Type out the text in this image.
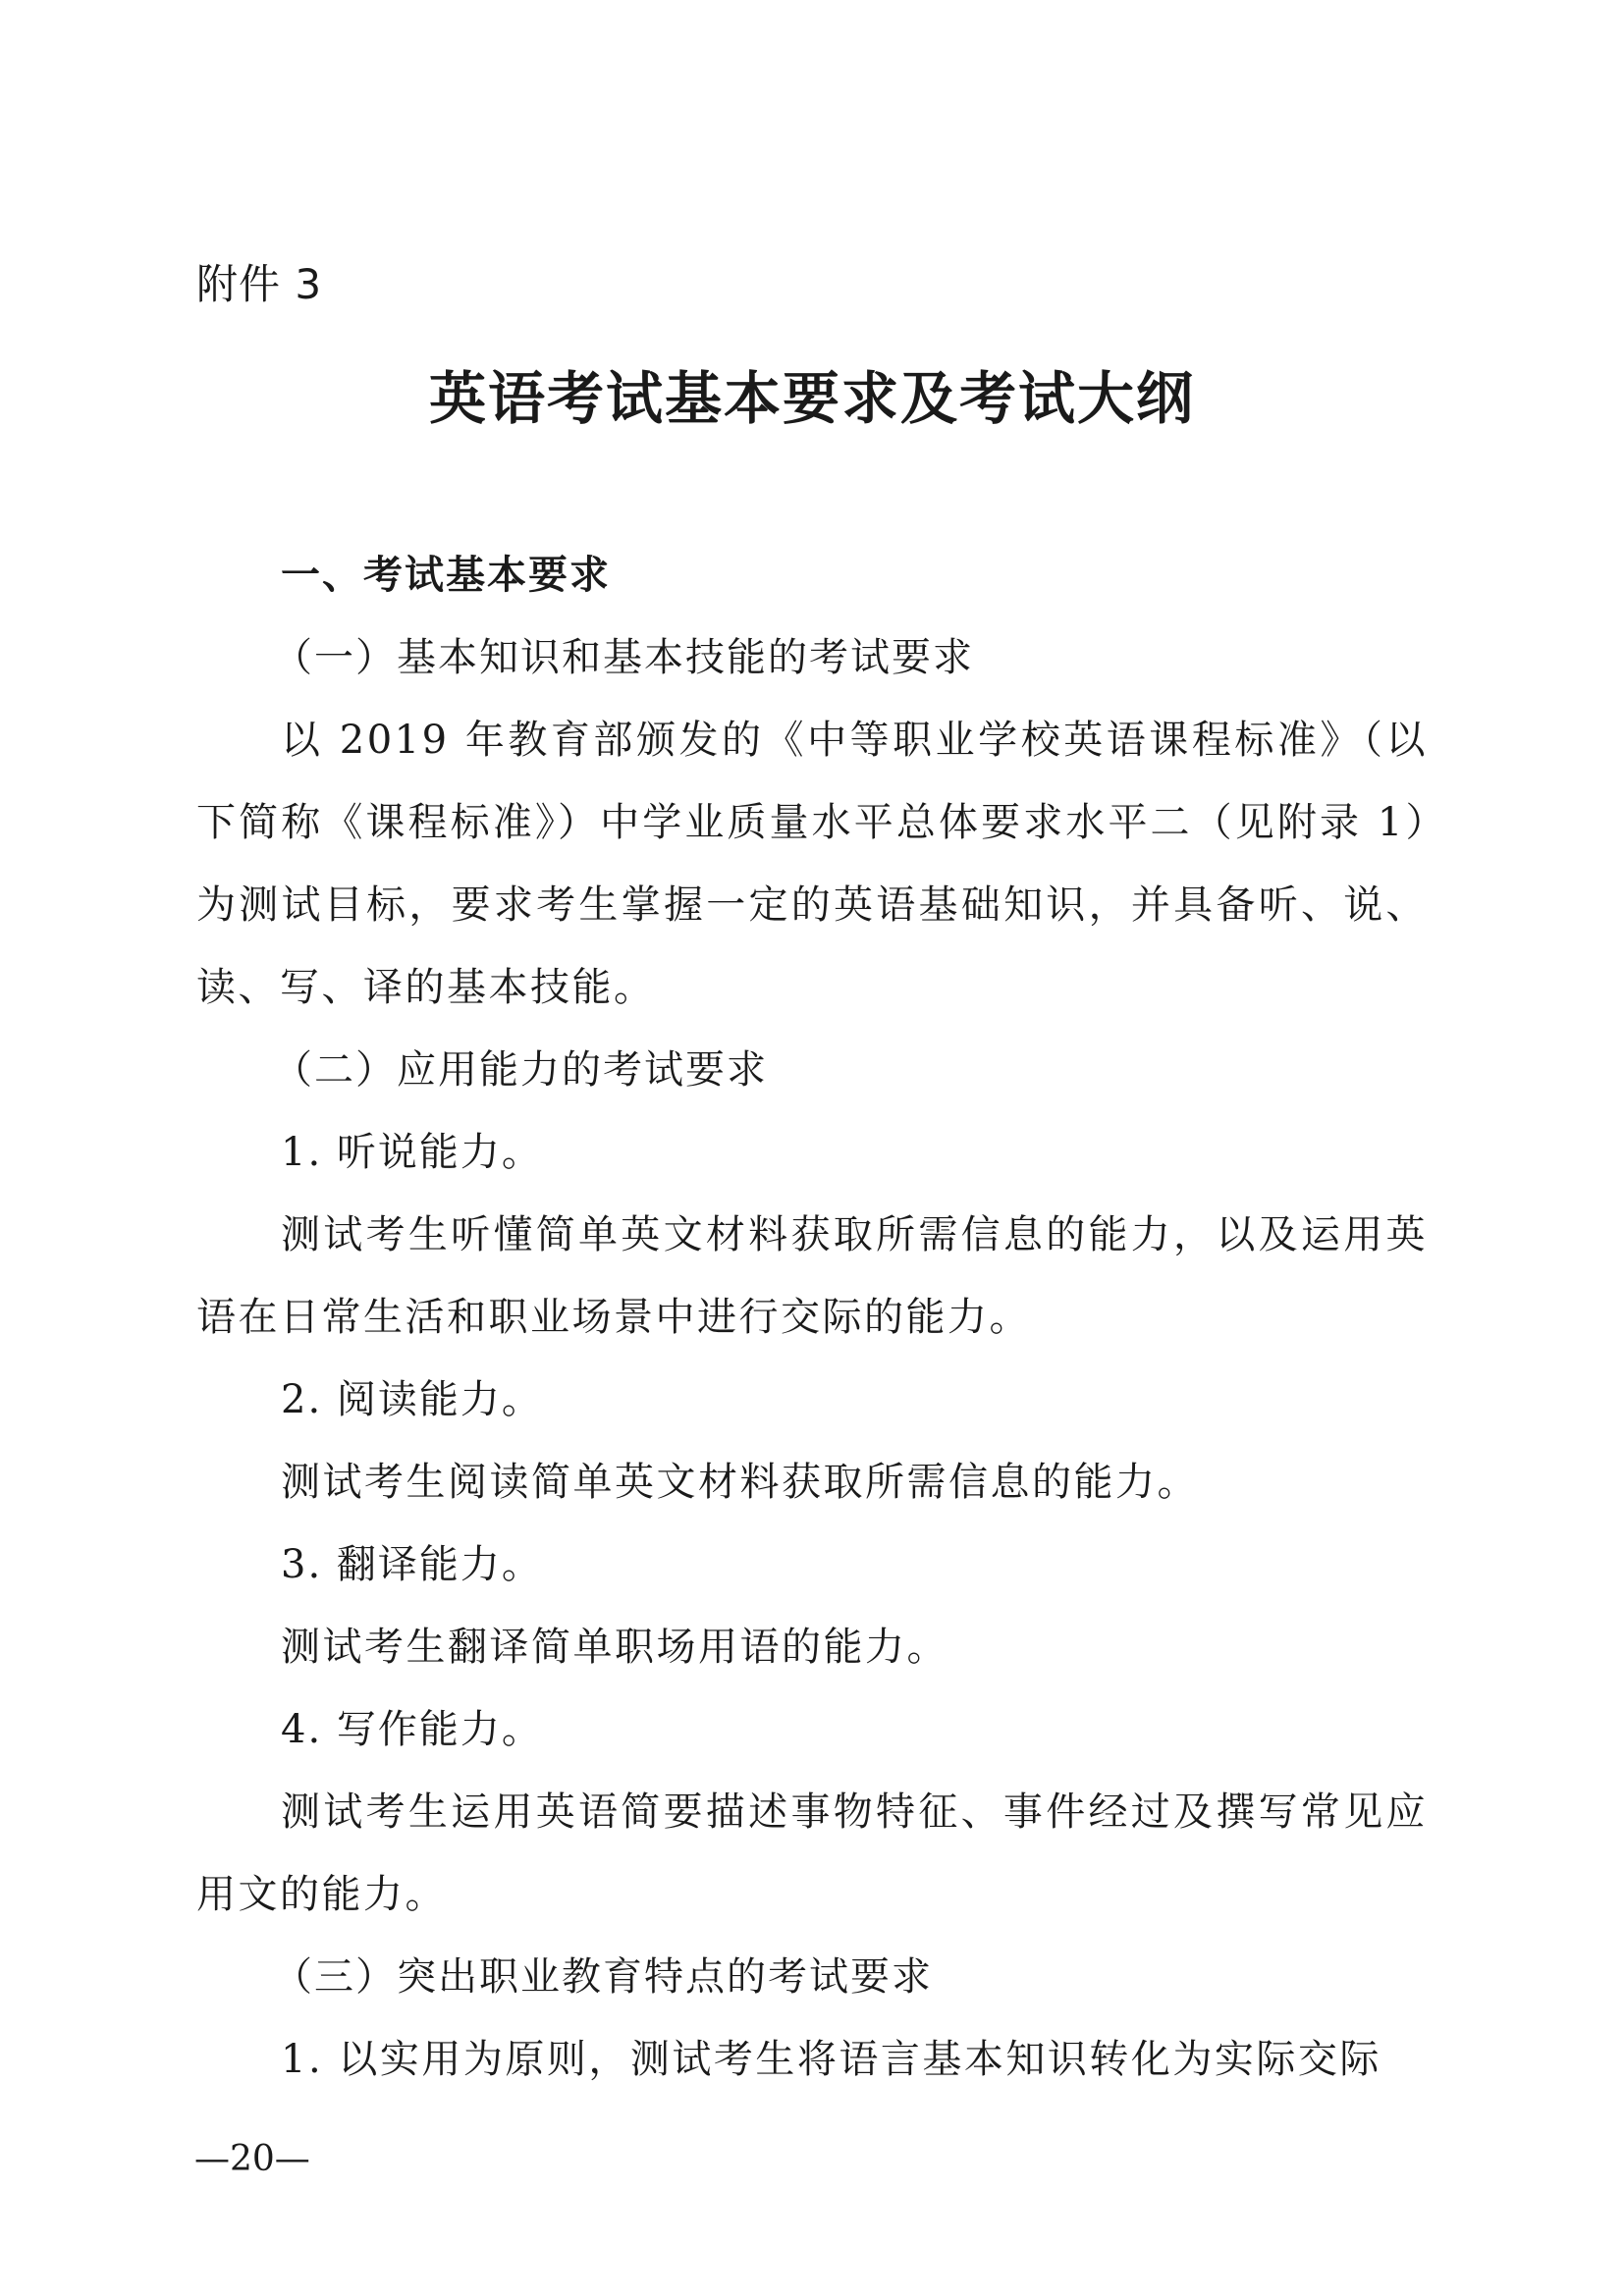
附件 3
英语考试基本要求及考试大纲

一、考试基本要求

（一）基本知识和基本技能的考试要求

以 2019 年教育部颁发的《中等职业学校英语课程标准》（以下简称《课程标准》）中学业质量水平总体要求水平二（见附录 1）为测试目标，要求考生掌握一定的英语基础知识，并具备听、说、读、写、译的基本技能。

（二）应用能力的考试要求

1. 听说能力。

测试考生听懂简单英文材料获取所需信息的能力，以及运用英语在日常生活和职业场景中进行交际的能力。

2. 阅读能力。

测试考生阅读简单英文材料获取所需信息的能力。

3. 翻译能力。

测试考生翻译简单职场用语的能力。

4. 写作能力。

测试考生运用英语简要描述事物特征、事件经过及撰写常见应用文的能力。

（三）突出职业教育特点的考试要求

1. 以实用为原则，测试考生将语言基本知识转化为实际交际

—20—
